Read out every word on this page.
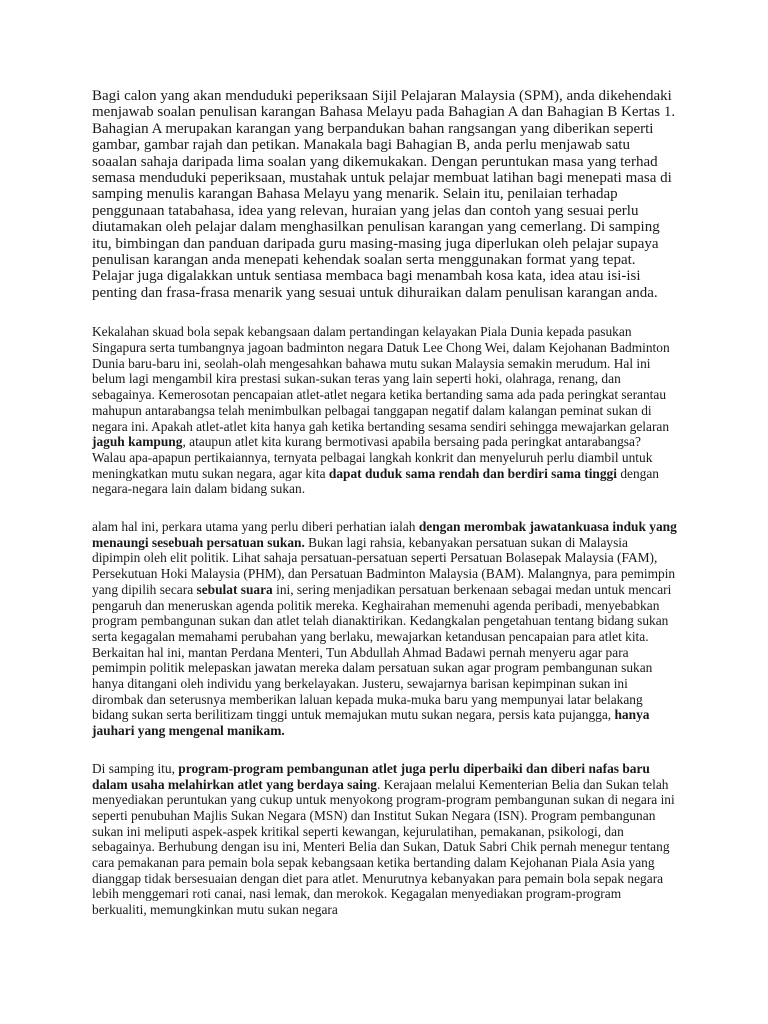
Bagi calon yang akan menduduki peperiksaan Sijil Pelajaran Malaysia (SPM), anda dikehendaki menjawab soalan penulisan karangan Bahasa Melayu pada Bahagian A dan Bahagian B Kertas 1. Bahagian A merupakan karangan yang berpandukan bahan rangsangan yang diberikan seperti gambar, gambar rajah dan petikan. Manakala bagi Bahagian B, anda perlu menjawab satu soaalan sahaja daripada lima soalan yang dikemukakan. Dengan peruntukan masa yang terhad semasa menduduki peperiksaan, mustahak untuk pelajar membuat latihan bagi menepati masa di samping menulis karangan Bahasa Melayu yang menarik. Selain itu, penilaian terhadap penggunaan tatabahasa, idea yang relevan, huraian yang jelas dan contoh yang sesuai perlu diutamakan oleh pelajar dalam menghasilkan penulisan karangan yang cemerlang. Di samping itu, bimbingan dan panduan daripada guru masing-masing juga diperlukan oleh pelajar supaya penulisan karangan anda menepati kehendak soalan serta menggunakan format yang tepat. Pelajar juga digalakkan untuk sentiasa membaca bagi menambah kosa kata, idea atau isi-isi penting dan frasa-frasa menarik yang sesuai untuk dihuraikan dalam penulisan karangan anda.

Kekalahan skuad bola sepak kebangsaan dalam pertandingan kelayakan Piala Dunia kepada pasukan Singapura serta tumbangnya jagoan badminton negara Datuk Lee Chong Wei, dalam Kejohanan Badminton Dunia baru-baru ini, seolah-olah mengesahkan bahawa mutu sukan Malaysia semakin merudum. Hal ini belum lagi mengambil kira prestasi sukan-sukan teras yang lain seperti hoki, olahraga, renang, dan sebagainya. Kemerosotan pencapaian atlet-atlet negara ketika bertanding sama ada pada peringkat serantau mahupun antarabangsa telah menimbulkan pelbagai tanggapan negatif dalam kalangan peminat sukan di negara ini. Apakah atlet-atlet kita hanya gah ketika bertanding sesama sendiri sehingga mewajarkan gelaran jaguh kampung, ataupun atlet kita kurang bermotivasi apabila bersaing pada peringkat antarabangsa? Walau apa-apapun pertikaiannya, ternyata pelbagai langkah konkrit dan menyeluruh perlu diambil untuk meningkatkan mutu sukan negara, agar kita dapat duduk sama rendah dan berdiri sama tinggi dengan negara-negara lain dalam bidang sukan.

alam hal ini, perkara utama yang perlu diberi perhatian ialah dengan merombak jawatankuasa induk yang menaungi sesebuah persatuan sukan. Bukan lagi rahsia, kebanyakan persatuan sukan di Malaysia dipimpin oleh elit politik. Lihat sahaja persatuan-persatuan seperti Persatuan Bolasepak Malaysia (FAM), Persekutuan Hoki Malaysia (PHM), dan Persatuan Badminton Malaysia (BAM). Malangnya, para pemimpin yang dipilih secara sebulat suara ini, sering menjadikan persatuan berkenaan sebagai medan untuk mencari pengaruh dan meneruskan agenda politik mereka. Keghairahan memenuhi agenda peribadi, menyebabkan program pembangunan sukan dan atlet telah dianaktirikan. Kedangkalan pengetahuan tentang bidang sukan serta kegagalan memahami perubahan yang berlaku, mewajarkan ketandusan pencapaian para atlet kita. Berkaitan hal ini, mantan Perdana Menteri, Tun Abdullah Ahmad Badawi pernah menyeru agar para pemimpin politik melepaskan jawatan mereka dalam persatuan sukan agar program pembangunan sukan hanya ditangani oleh individu yang berkelayakan. Justeru, sewajarnya barisan kepimpinan sukan ini dirombak dan seterusnya memberikan laluan kepada muka-muka baru yang mempunyai latar belakang bidang sukan serta berilitizam tinggi untuk memajukan mutu sukan negara, persis kata pujangga, hanya jauhari yang mengenal manikam.

Di samping itu, program-program pembangunan atlet juga perlu diperbaiki dan diberi nafas baru dalam usaha melahirkan atlet yang berdaya saing. Kerajaan melalui Kementerian Belia dan Sukan telah menyediakan peruntukan yang cukup untuk menyokong program-program pembangunan sukan di negara ini seperti penubuhan Majlis Sukan Negara (MSN) dan Institut Sukan Negara (ISN). Program pembangunan sukan ini meliputi aspek-aspek kritikal seperti kewangan, kejurulatihan, pemakanan, psikologi, dan sebagainya. Berhubung dengan isu ini, Menteri Belia dan Sukan, Datuk Sabri Chik pernah menegur tentang cara pemakanan para pemain bola sepak kebangsaan ketika bertanding dalam Kejohanan Piala Asia yang dianggap tidak bersesuaian dengan diet para atlet. Menurutnya kebanyakan para pemain bola sepak negara lebih menggemari roti canai, nasi lemak, dan merokok. Kegagalan menyediakan program-program berkualiti, memungkinkan mutu sukan negara
